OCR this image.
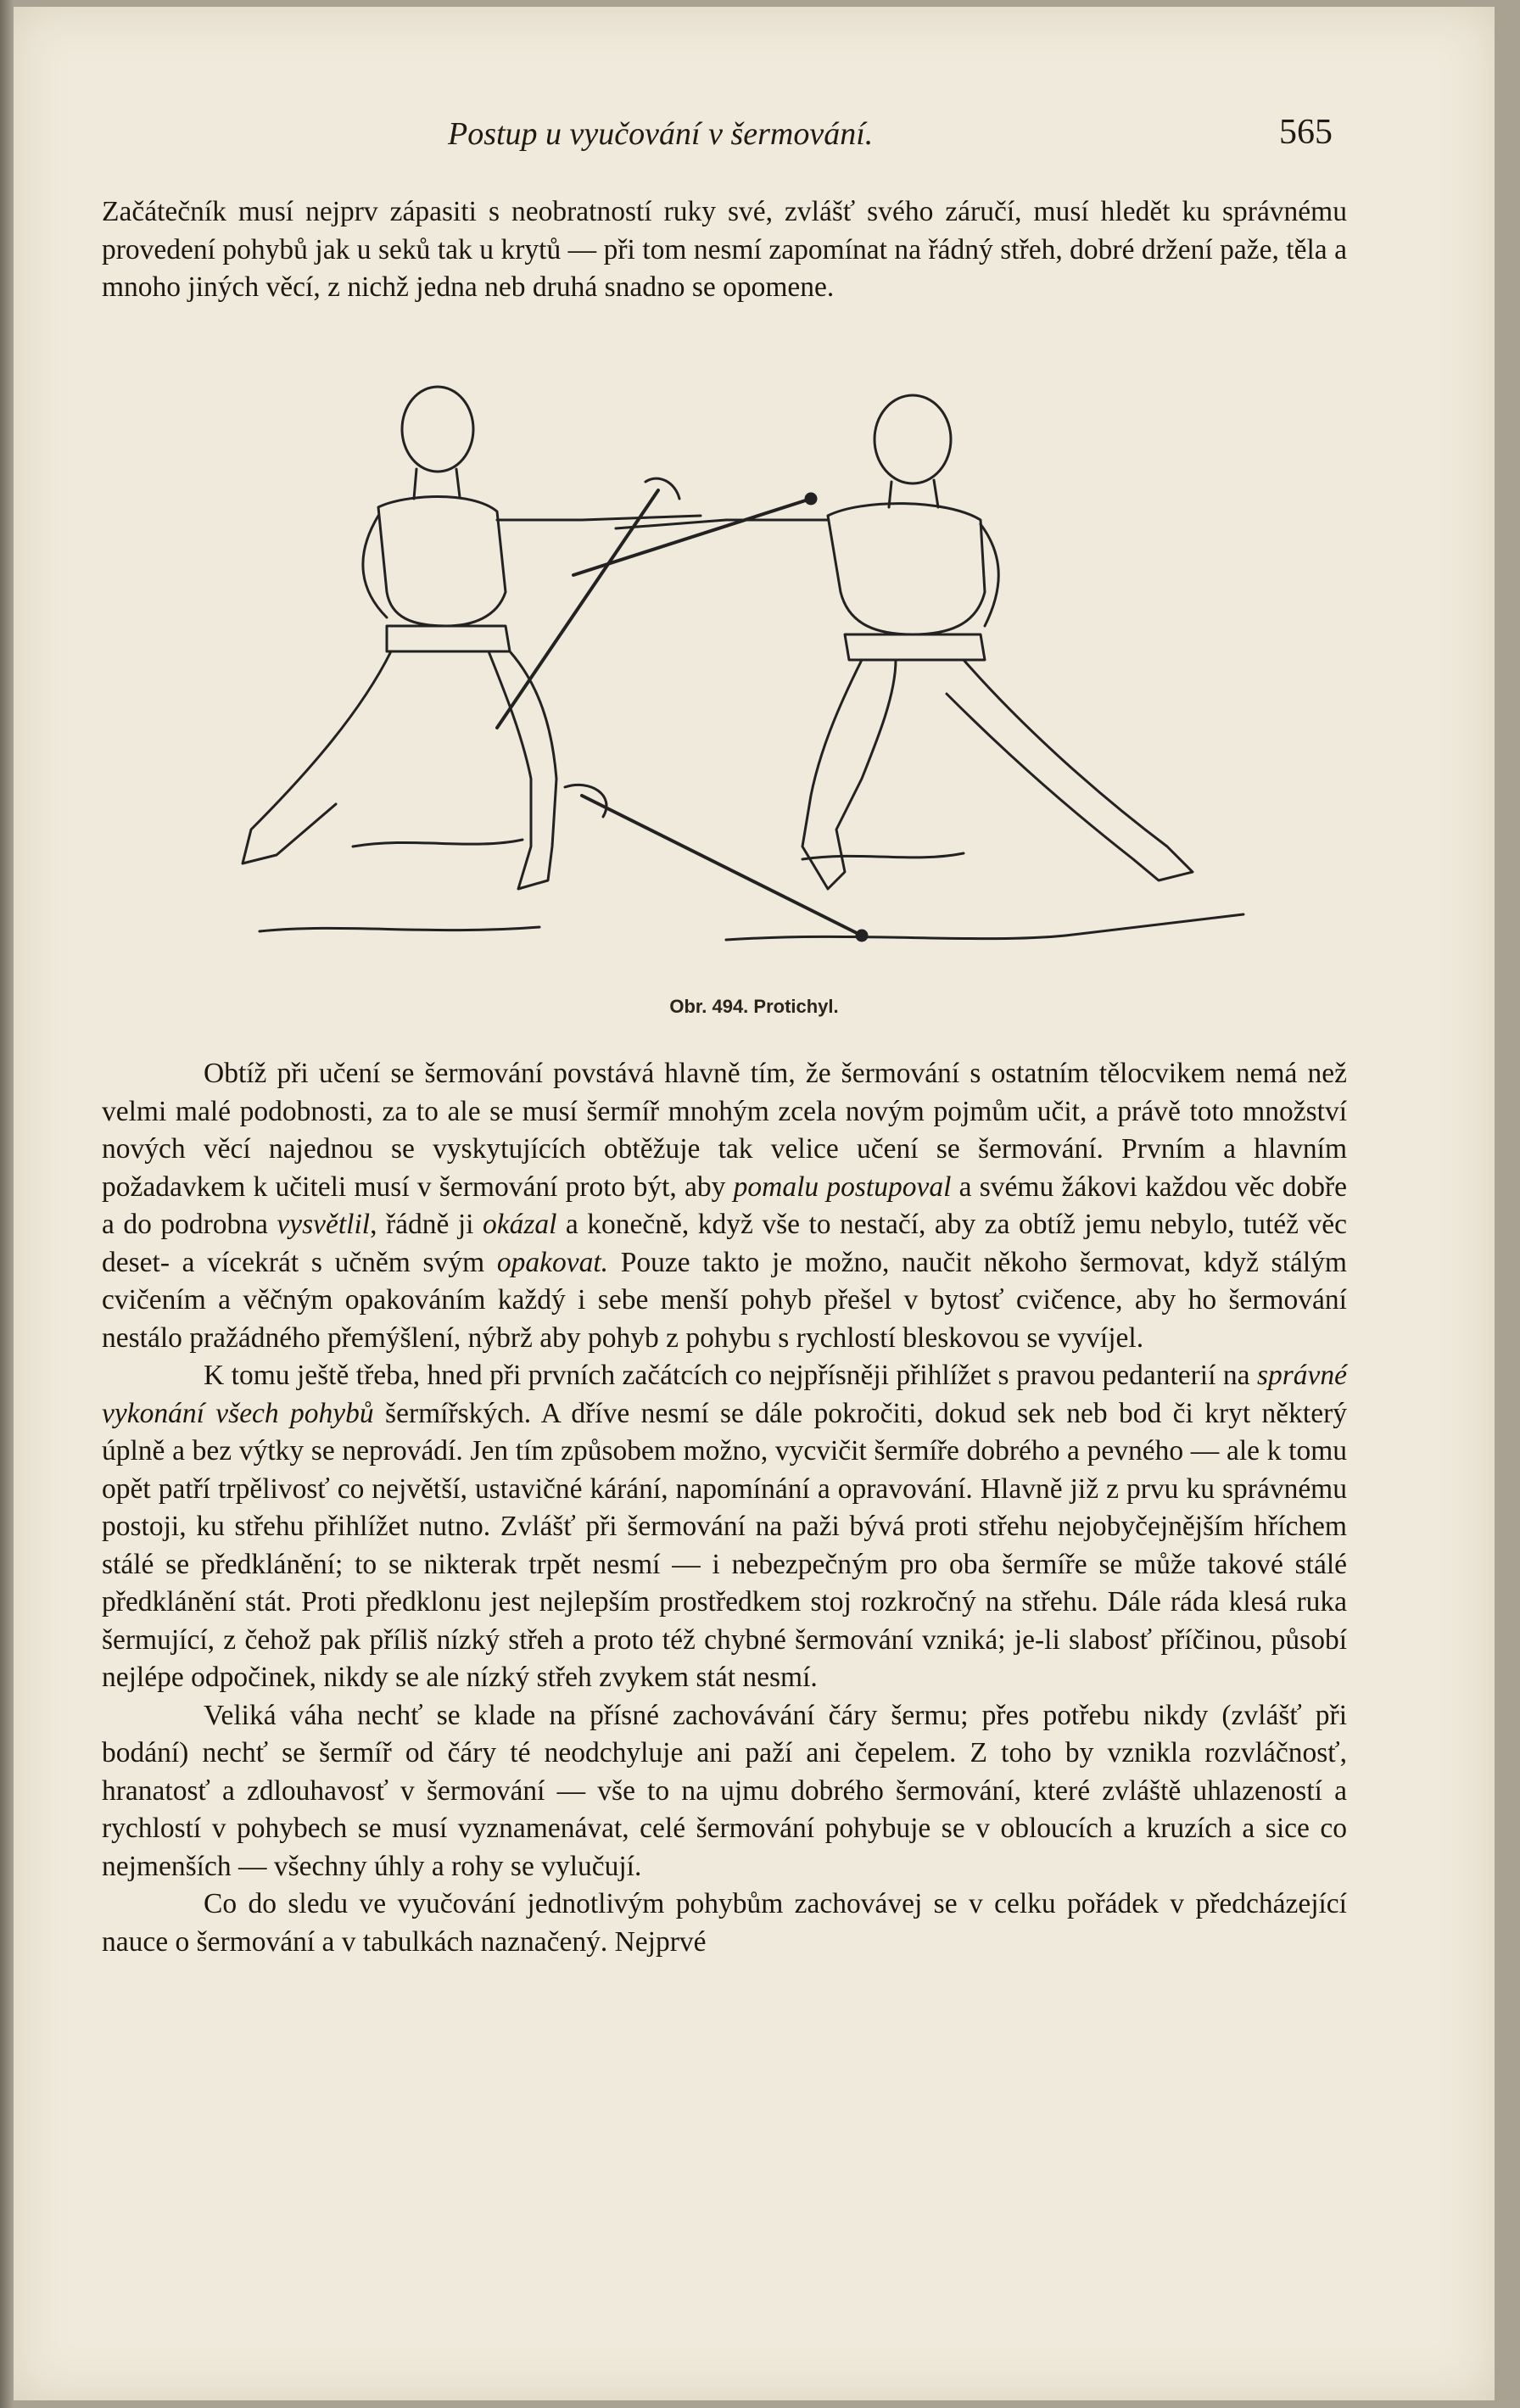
Postup u vyučování v šermování.	565

Začátečník musí nejprv zápasiti s neobratností ruky své, zvlášť svého záručí, musí hledět ku správnému provedení pohybů jak u seků tak u krytů — při tom nesmí zapomínat na řádný střeh, dobré držení paže, těla a mnoho jiných věcí, z nichž jedna neb druhá snadno se opomene.

Obr. 494. Protichyl.

Obtíž při učení se šermování povstává hlavně tím, že šermování s ostatním tělocvikem nemá než velmi malé podobnosti, za to ale se musí šermíř mnohým zcela novým pojmům učit, a právě toto množství nových věcí najednou se vyskytujících obtěžuje tak velice učení se šermování. Prvním a hlavním požadavkem k učiteli musí v šermování proto být, aby pomalu postupoval a svému žákovi každou věc dobře a do podrobna vysvětlil, řádně ji okázal a konečně, když vše to nestačí, aby za obtíž jemu nebylo, tutéž věc deset- a vícekrát s učněm svým opakovat. Pouze takto je možno, naučit někoho šermovat, když stálým cvičením a věčným opakováním každý i sebe menší pohyb přešel v bytosť cvičence, aby ho šermování nestálo pražádného přemýšlení, nýbrž aby pohyb z pohybu s rychlostí bleskovou se vyvíjel.

K tomu ještě třeba, hned při prvních začátcích co nejpřísněji přihlížet s pravou pedanterií na správné vykonání všech pohybů šermířských. A dříve nesmí se dále pokročiti, dokud sek neb bod či kryt některý úplně a bez výtky se neprovádí. Jen tím způsobem možno, vycvičit šermíře dobrého a pevného — ale k tomu opět patří trpělivosť co největší, ustavičné kárání, napomínání a opravování. Hlavně již z prvu ku správnému postoji, ku střehu přihlížet nutno. Zvlášť při šermování na paži bývá proti střehu nejobyčejnějším hříchem stálé se předklánění; to se nikterak trpět nesmí — i nebezpečným pro oba šermíře se může takové stálé předklánění stát. Proti předklonu jest nejlepším prostředkem stoj rozkročný na střehu. Dále ráda klesá ruka šermující, z čehož pak příliš nízký střeh a proto též chybné šermování vzniká; je-li slabosť příčinou, působí nejlépe odpočinek, nikdy se ale nízký střeh zvykem stát nesmí.

Veliká váha nechť se klade na přísné zachovávání čáry šermu; přes potřebu nikdy (zvlášť při bodání) nechť se šermíř od čáry té neodchyluje ani paží ani čepelem. Z toho by vznikla rozvláčnosť, hranatosť a zdlouhavosť v šermování — vše to na ujmu dobrého šermování, které zvláště uhlazeností a rychlostí v pohybech se musí vyznamenávat, celé šermování pohybuje se v obloucích a kruzích a sice co nejmenších — všechny úhly a rohy se vylučují.

Co do sledu ve vyučování jednotlivým pohybům zachovávej se v celku pořádek v předcházející nauce o šermování a v tabulkách naznačený. Nejprvé
